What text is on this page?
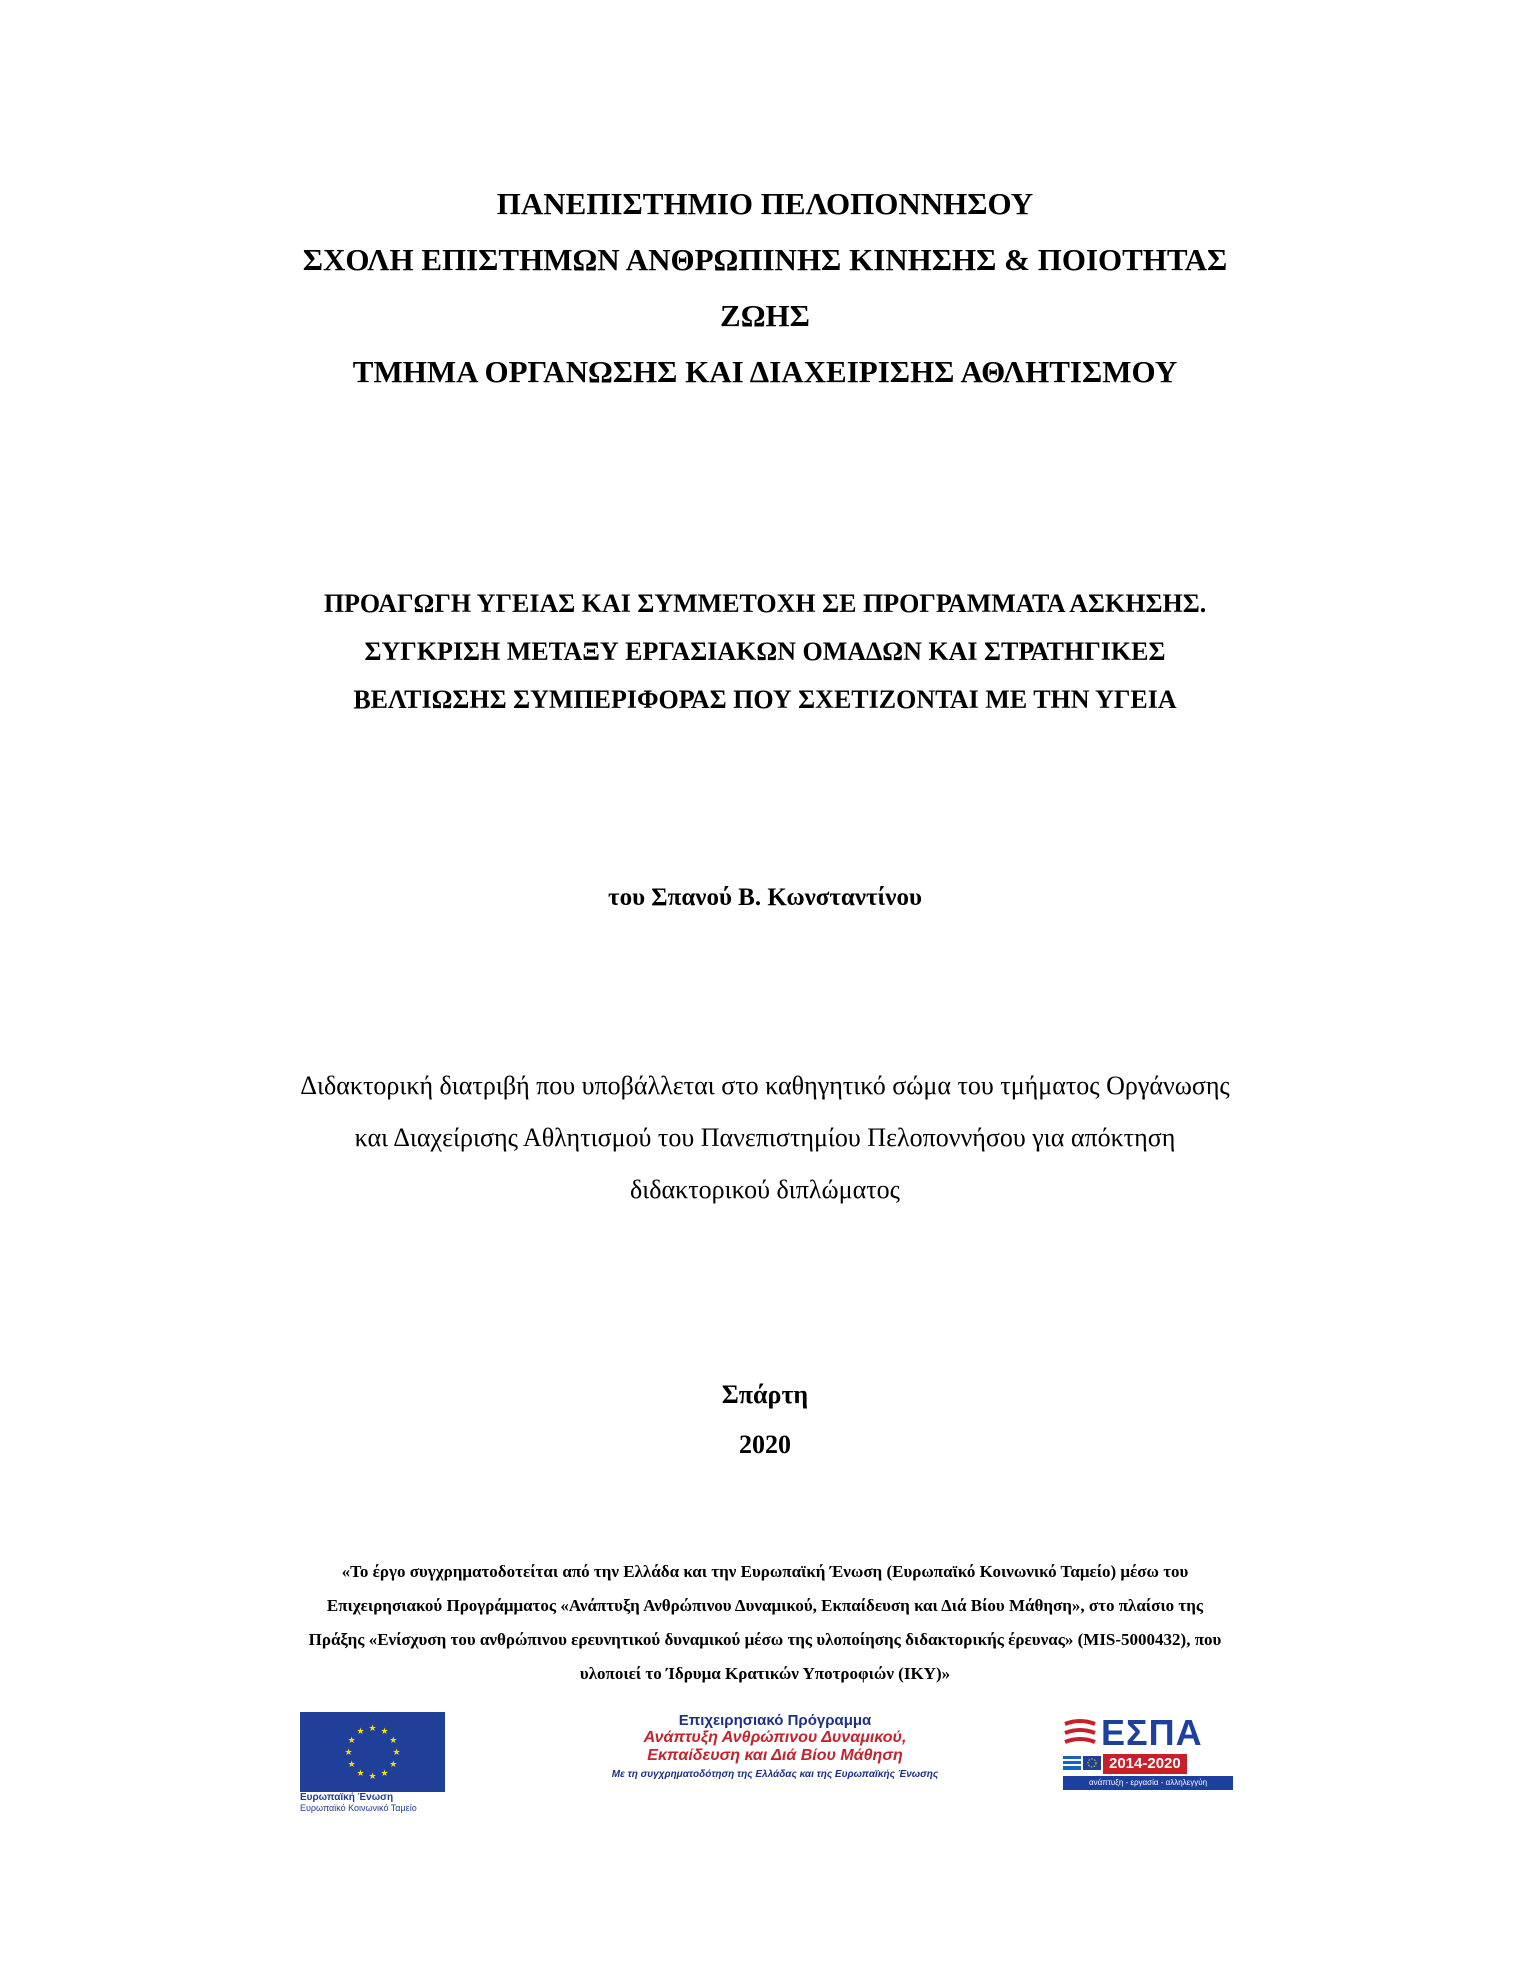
ΠΑΝΕΠΙΣΤΗΜΙΟ ΠΕΛΟΠΟΝΝΗΣΟΥ
ΣΧΟΛΗ ΕΠΙΣΤΗΜΩΝ ΑΝΘΡΩΠΙΝΗΣ ΚΙΝΗΣΗΣ & ΠΟΙΟΤΗΤΑΣ
ΖΩΗΣ
ΤΜΗΜΑ ΟΡΓΑΝΩΣΗΣ ΚΑΙ ΔΙΑΧΕΙΡΙΣΗΣ ΑΘΛΗΤΙΣΜΟΥ
ΠΡΟΑΓΩΓΗ ΥΓΕΙΑΣ ΚΑΙ ΣΥΜΜΕΤΟΧΗ ΣΕ ΠΡΟΓΡΑΜΜΑΤΑ ΑΣΚΗΣΗΣ.
ΣΥΓΚΡΙΣΗ ΜΕΤΑΞΥ ΕΡΓΑΣΙΑΚΩΝ ΟΜΑΔΩΝ ΚΑΙ ΣΤΡΑΤΗΓΙΚΕΣ
ΒΕΛΤΙΩΣΗΣ ΣΥΜΠΕΡΙΦΟΡΑΣ ΠΟΥ ΣΧΕΤΙΖΟΝΤΑΙ ΜΕ ΤΗΝ ΥΓΕΙΑ
του Σπανού Β. Κωνσταντίνου
Διδακτορική διατριβή που υποβάλλεται στο καθηγητικό σώμα του τμήματος Οργάνωσης
και Διαχείρισης Αθλητισμού του Πανεπιστημίου Πελοποννήσου για απόκτηση
διδακτορικού διπλώματος
Σπάρτη
2020
«Το έργο συγχρηματοδοτείται από την Ελλάδα και την Ευρωπαϊκή Ένωση (Ευρωπαϊκό Κοινωνικό Ταμείο) μέσω του
Επιχειρησιακού Προγράμματος «Ανάπτυξη Ανθρώπινου Δυναμικού, Εκπαίδευση και Διά Βίου Μάθηση», στο πλαίσιο της
Πράξης «Ενίσχυση του ανθρώπινου ερευνητικού δυναμικού μέσω της υλοποίησης διδακτορικής έρευνας» (MIS-5000432), που
υλοποιεί το Ίδρυμα Κρατικών Υποτροφιών (ΙΚΥ)»
★ ★
★
★
★
★
★
★
★
★
★
★
Ευρωπαϊκή Ένωση
Ευρωπαϊκό Κοινωνικό Ταμείο
Επιχειρησιακό Πρόγραμμα
Ανάπτυξη Ανθρώπινου Δυναμικού,
Εκπαίδευση και Διά Βίου Μάθηση
Με τη συγχρηματοδότηση της Ελλάδας και της Ευρωπαϊκής Ένωσης
ΕΣΠΑ
2014-2020
ανάπτυξη - εργασία - αλληλεγγύη
